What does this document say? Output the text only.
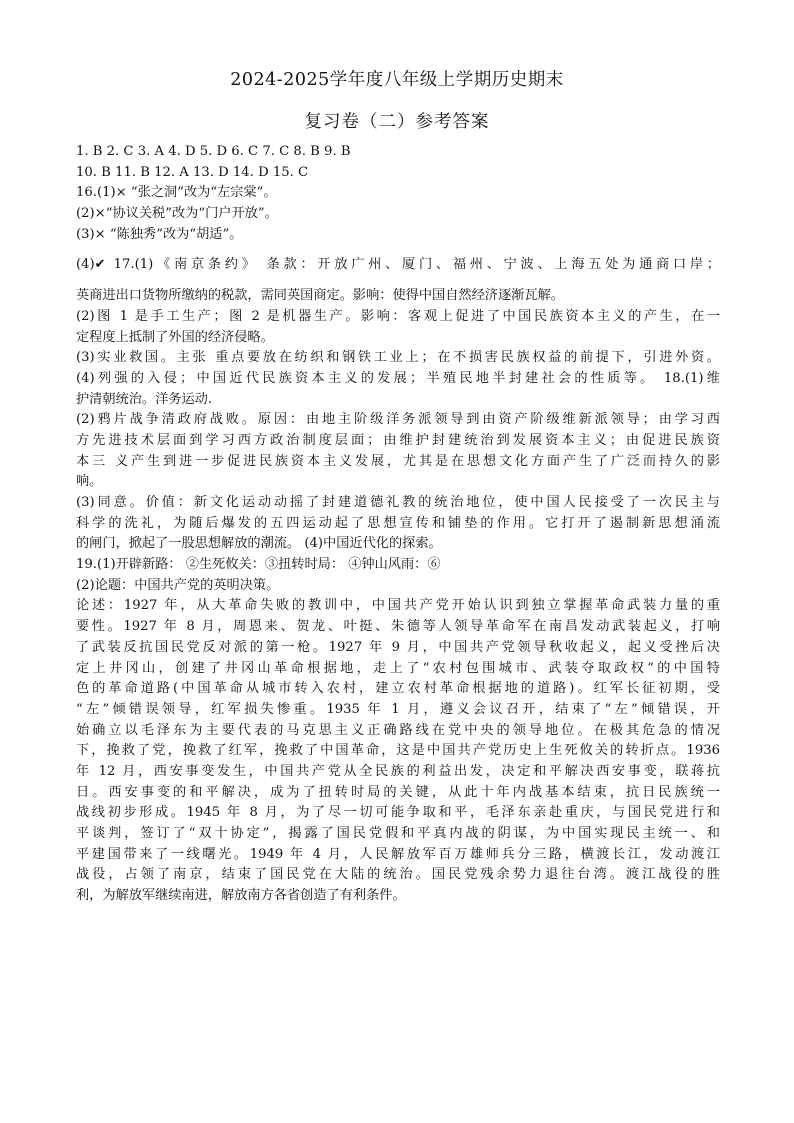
2024-2025学年度八年级上学期历史期末
复习卷（二）参考答案
1. B 2. C 3. A 4. D 5. D 6. C 7. C 8. B 9. B
10. B 11. B 12. A 13. D 14. D 15. C
16.(1)× “张之洞”改为“左宗棠”。
(2)×“协议关税”改为“门户开放”。
(3)× “陈独秀”改为“胡适”。
(4)✔ 17.(1)《南京条约》 条款：开放广州、厦门、福州、宁波、上海五处为通商口岸；
英商进出口货物所缴纳的税款，需同英国商定。影响：使得中国自然经济逐渐瓦解。
(2)图 1 是手工生产；图 2 是机器生产。影响：客观上促进了中国民族资本主义的产生，在一
定程度上抵制了外国的经济侵略。
(3)实业救国。主张 重点要放在纺织和钢铁工业上；在不损害民族权益的前提下，引进外资。
(4)列强的入侵；中国近代民族资本主义的发展；半殖民地半封建社会的性质等。 18.(1)维
护清朝统治。洋务运动.
(2)鸦片战争清政府战败。原因：由地主阶级洋务派领导到由资产阶级维新派领导；由学习西
方先进技术层面到学习西方政治制度层面；由维护封建统治到发展资本主义；由促进民族资
本三 义产生到进一步促进民族资本主义发展，尤其是在思想文化方面产生了广泛而持久的影
响。
(3)同意。价值：新文化运动动摇了封建道德礼教的统治地位，使中国人民接受了一次民主与
科学的洗礼，为随后爆发的五四运动起了思想宣传和铺垫的作用。它打开了遏制新思想涌流
的闸门，掀起了一股思想解放的潮流。 (4)中国近代化的探索。
19.(1)开辟新路： ②生死攸关：③扭转时局： ④钟山风雨：⑥
(2)论题：中国共产党的英明决策。
论述：1927 年，从大革命失败的教训中，中国共产党开始认识到独立掌握革命武装力量的重
要性。1927 年 8 月，周恩来、贺龙、叶挺、朱德等人领导革命军在南昌发动武装起义，打响
了武装反抗国民党反对派的第一枪。1927 年 9 月，中国共产党领导秋收起义，起义受挫后决
定上井冈山，创建了井冈山革命根据地，走上了“农村包围城市、武装夺取政权”的中国特
色的革命道路(中国革命从城市转入农村，建立农村革命根据地的道路)。红军长征初期，受
“左”倾错误领导，红军损失惨重。1935 年 1 月，遵义会议召开，结束了“左”倾错误，开
始确立以毛泽东为主要代表的马克思主义正确路线在党中央的领导地位。在极其危急的情况
下，挽救了党，挽救了红军，挽救了中国革命，这是中国共产党历史上生死攸关的转折点。1936
年 12 月，西安事变发生，中国共产党从全民族的利益出发，决定和平解决西安事变，联蒋抗
日。西安事变的和平解决，成为了扭转时局的关键，从此十年内战基本结束，抗日民族统一
战线初步形成。1945 年 8 月，为了尽一切可能争取和平，毛泽东亲赴重庆，与国民党进行和
平谈判，签订了“双十协定”，揭露了国民党假和平真内战的阴谋，为中国实现民主统一、和
平建国带来了一线曙光。1949 年 4 月，人民解放军百万雄师兵分三路，横渡长江，发动渡江
战役，占领了南京，结束了国民党在大陆的统治。国民党残余势力退往台湾。渡江战役的胜
利，为解放军继续南进，解放南方各省创造了有利条件。
